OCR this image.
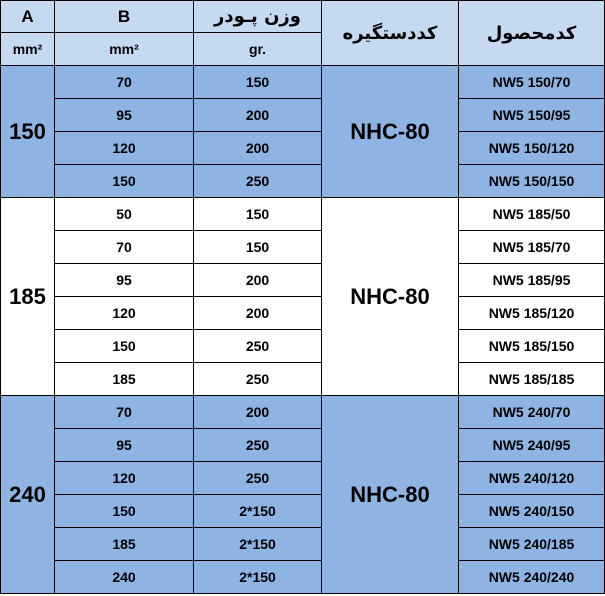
A	B	وزن پـودر	کددستگیره	کدمحصول
mm²	mm²	gr.		
150	70	150	NHC-80	NW5 150/70
	95	200		NW5 150/95
	120	200		NW5 150/120
	150	250		NW5 150/150
185	50	150	NHC-80	NW5 185/50
	70	150		NW5 185/70
	95	200		NW5 185/95
	120	200		NW5 185/120
	150	250		NW5 185/150
	185	250		NW5 185/185
240	70	200	NHC-80	NW5 240/70
	95	250		NW5 240/95
	120	250		NW5 240/120
	150	2*150		NW5 240/150
	185	2*150		NW5 240/185
	240	2*150		NW5 240/240
